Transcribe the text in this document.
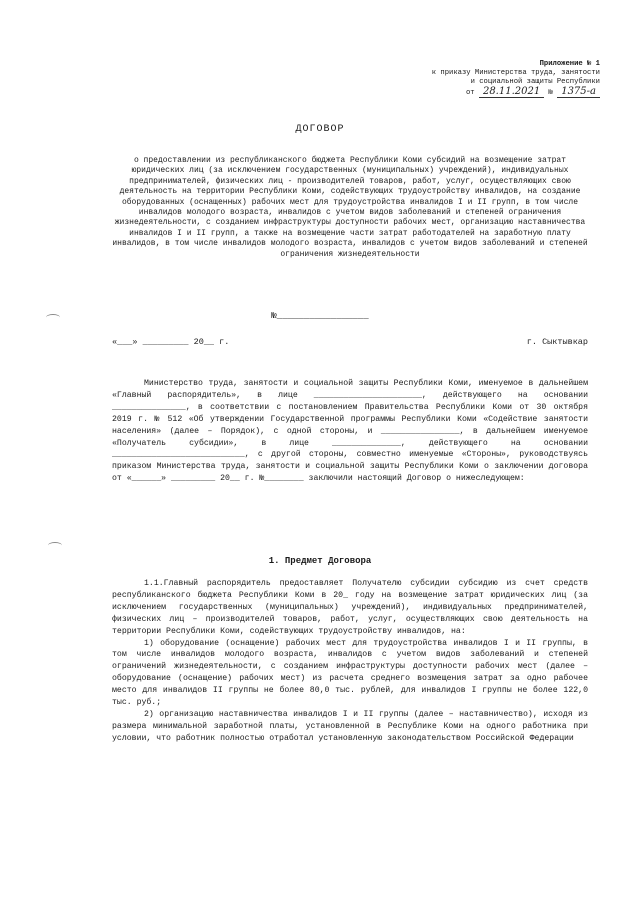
Приложение № 1
к приказу Министерства труда, занятости
и социальной защиты Республики
от 28.11.2021 № 1375-а
ДОГОВОР
о предоставлении из республиканского бюджета Республики Коми субсидий на возмещение затрат юридических лиц (за исключением государственных (муниципальных) учреждений), индивидуальных предпринимателей, физических лиц - производителей товаров, работ, услуг, осуществляющих свою деятельность на территории Республики Коми, содействующих трудоустройству инвалидов, на создание оборудованных (оснащенных) рабочих мест для трудоустройства инвалидов I и II групп, в том числе инвалидов молодого возраста, инвалидов с учетом видов заболеваний и степеней ограничения жизнедеятельности, с созданием инфраструктуры доступности рабочих мест, организацию наставничества инвалидов I и II групп, а также на возмещение части затрат работодателей на заработную плату инвалидов, в том числе инвалидов молодого возраста, инвалидов с учетом видов заболеваний и степеней ограничения жизнедеятельности
№_________________
«___» _________ 20__ г.	г. Сыктывкар

Министерство труда, занятости и социальной защиты Республики Коми, именуемое в дальнейшем «Главный распорядитель», в лице ______________________, действующего на основании _______________, в соответствии с постановлением Правительства Республики Коми от 30 октября 2019 г. № 512 «Об утверждении Государственной программы Республики Коми «Содействие занятости населения» (далее – Порядок), с одной стороны, и ________________, в дальнейшем именуемое «Получатель субсидии», в лице ______________, действующего на основании ___________________________, с другой стороны, совместно именуемые «Стороны», руководствуясь приказом Министерства труда, занятости и социальной защиты Республики Коми о заключении договора от «______» _________ 20__ г. №________ заключили настоящий Договор о нижеследующем:

1. Предмет Договора

1.1.Главный распорядитель предоставляет Получателю субсидии субсидию из счет средств республиканского бюджета Республики Коми в 20_ году на возмещение затрат юридических лиц (за исключением государственных (муниципальных) учреждений), индивидуальных предпринимателей, физических лиц – производителей товаров, работ, услуг, осуществляющих свою деятельность на территории Республики Коми, содействующих трудоустройству инвалидов, на:

1) оборудование (оснащение) рабочих мест для трудоустройства инвалидов I и II группы, в том числе инвалидов молодого возраста, инвалидов с учетом видов заболеваний и степеней ограничений жизнедеятельности, с созданием инфраструктуры доступности рабочих мест (далее – оборудование (оснащение) рабочих мест) из расчета среднего возмещения затрат за одно рабочее место для инвалидов II группы не более 80,0 тыс. рублей, для инвалидов I группы не более 122,0 тыс. руб.;

2) организацию наставничества инвалидов I и II группы (далее – наставничество), исходя из размера минимальной заработной платы, установленной в Республике Коми на одного работника при условии, что работник полностью отработал установленную законодательством Российской Федерации
